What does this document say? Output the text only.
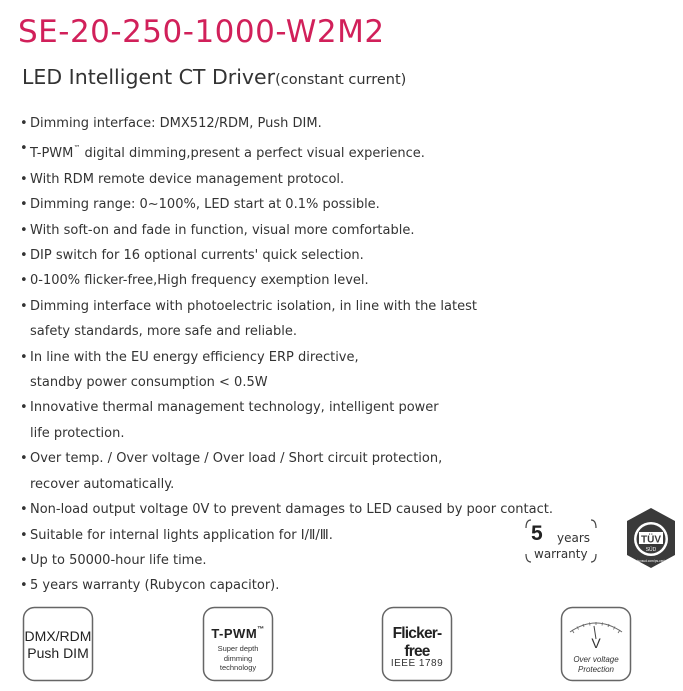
SE-20-250-1000-W2M2
LED Intelligent CT Driver(constant current)
• Dimming interface: DMX512/RDM, Push DIM.
• T-PWM™ digital dimming,present a perfect visual experience.
• With RDM remote device management protocol.
• Dimming range: 0~100%, LED start at 0.1% possible.
• With soft-on and fade in function, visual more comfortable.
• DIP switch for 16 optional currents' quick selection.
• 0-100% flicker-free,High frequency exemption level.
• Dimming interface with photoelectric isolation, in line with the latest
safety standards, more safe and reliable.
• In line with the EU energy efficiency ERP directive,
standby power consumption < 0.5W
• Innovative thermal management technology, intelligent power
life protection.
• Over temp. / Over voltage / Over load / Short circuit protection,
recover automatically.
• Non-load output voltage 0V to prevent damages to LED caused by poor contact.
• Suitable for internal lights application for Ⅰ/Ⅱ/Ⅲ.
• Up to 50000-hour life time.
• 5 years warranty (Rubycon capacitor).
5 years
warranty
TÜV
SÜD
tuvsud.com/ps-cert
DMX/RDM
Push DIM
T-PWM™
Super depth
dimming
technology
Flicker-free
IEEE 1789
V
Over voltage
Protection
